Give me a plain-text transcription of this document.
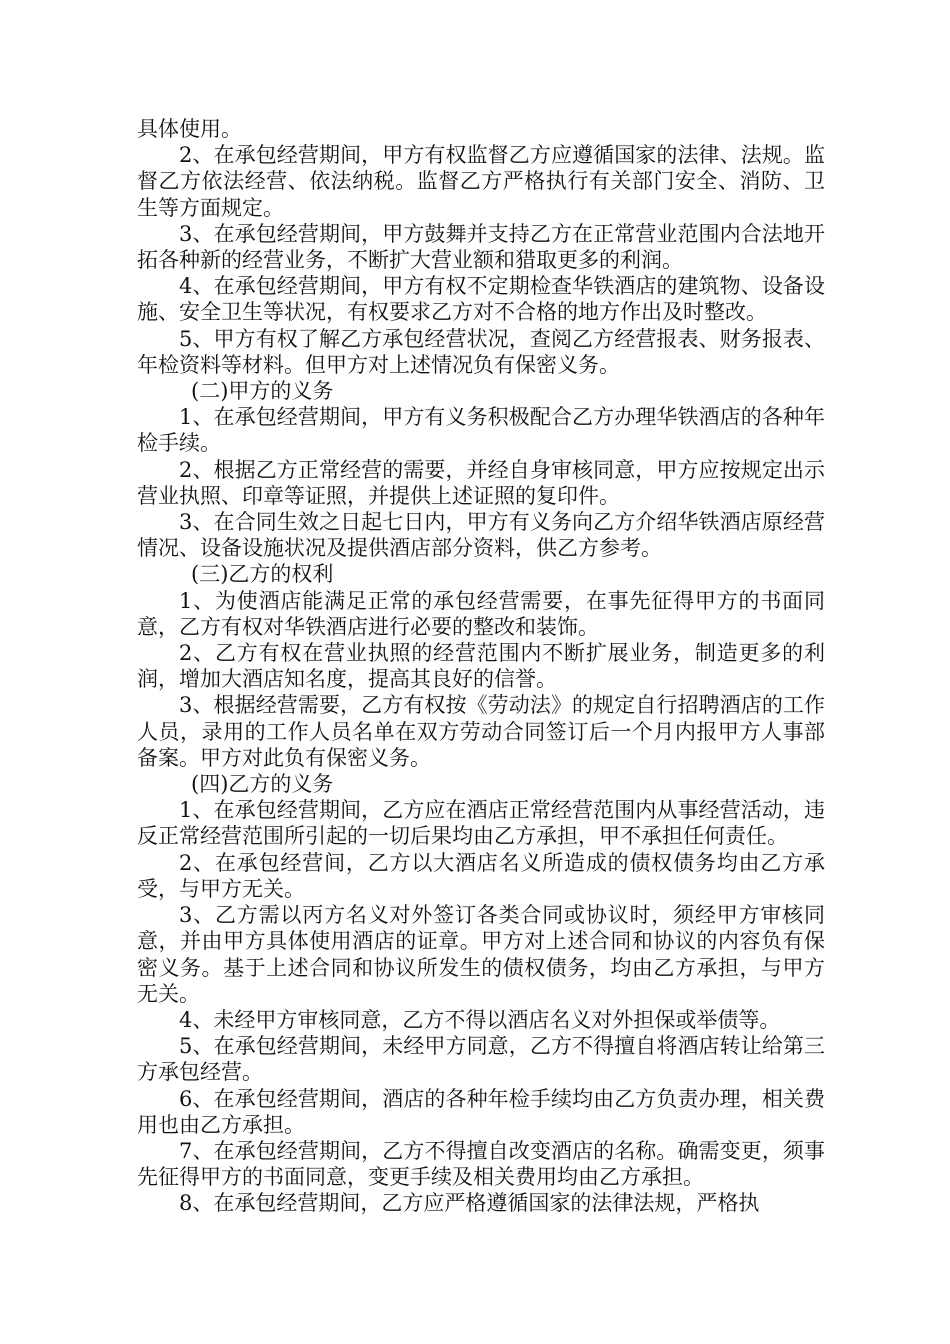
具体使用。

2、在承包经营期间，甲方有权监督乙方应遵循国家的法律、法规。监督乙方依法经营、依法纳税。监督乙方严格执行有关部门安全、消防、卫生等方面规定。

3、在承包经营期间，甲方鼓舞并支持乙方在正常营业范围内合法地开拓各种新的经营业务，不断扩大营业额和猎取更多的利润。

4、在承包经营期间，甲方有权不定期检查华铁酒店的建筑物、设备设施、安全卫生等状况，有权要求乙方对不合格的地方作出及时整改。

5、甲方有权了解乙方承包经营状况，查阅乙方经营报表、财务报表、年检资料等材料。但甲方对上述情况负有保密义务。

(二)甲方的义务

1、在承包经营期间，甲方有义务积极配合乙方办理华铁酒店的各种年检手续。

2、根据乙方正常经营的需要，并经自身审核同意，甲方应按规定出示营业执照、印章等证照，并提供上述证照的复印件。

3、在合同生效之日起七日内，甲方有义务向乙方介绍华铁酒店原经营情况、设备设施状况及提供酒店部分资料，供乙方参考。

(三)乙方的权利

1、为使酒店能满足正常的承包经营需要，在事先征得甲方的书面同意，乙方有权对华铁酒店进行必要的整改和装饰。

2、乙方有权在营业执照的经营范围内不断扩展业务，制造更多的利润，增加大酒店知名度，提高其良好的信誉。

3、根据经营需要，乙方有权按《劳动法》的规定自行招聘酒店的工作人员，录用的工作人员名单在双方劳动合同签订后一个月内报甲方人事部备案。甲方对此负有保密义务。

(四)乙方的义务

1、在承包经营期间，乙方应在酒店正常经营范围内从事经营活动，违反正常经营范围所引起的一切后果均由乙方承担，甲不承担任何责任。

2、在承包经营间，乙方以大酒店名义所造成的债权债务均由乙方承受，与甲方无关。

3、乙方需以丙方名义对外签订各类合同或协议时，须经甲方审核同意，并由甲方具体使用酒店的证章。甲方对上述合同和协议的内容负有保密义务。基于上述合同和协议所发生的债权债务，均由乙方承担，与甲方无关。

4、未经甲方审核同意，乙方不得以酒店名义对外担保或举债等。

5、在承包经营期间，未经甲方同意，乙方不得擅自将酒店转让给第三方承包经营。

6、在承包经营期间，酒店的各种年检手续均由乙方负责办理，相关费用也由乙方承担。

7、在承包经营期间，乙方不得擅自改变酒店的名称。确需变更，须事先征得甲方的书面同意，变更手续及相关费用均由乙方承担。

8、在承包经营期间，乙方应严格遵循国家的法律法规，严格执
